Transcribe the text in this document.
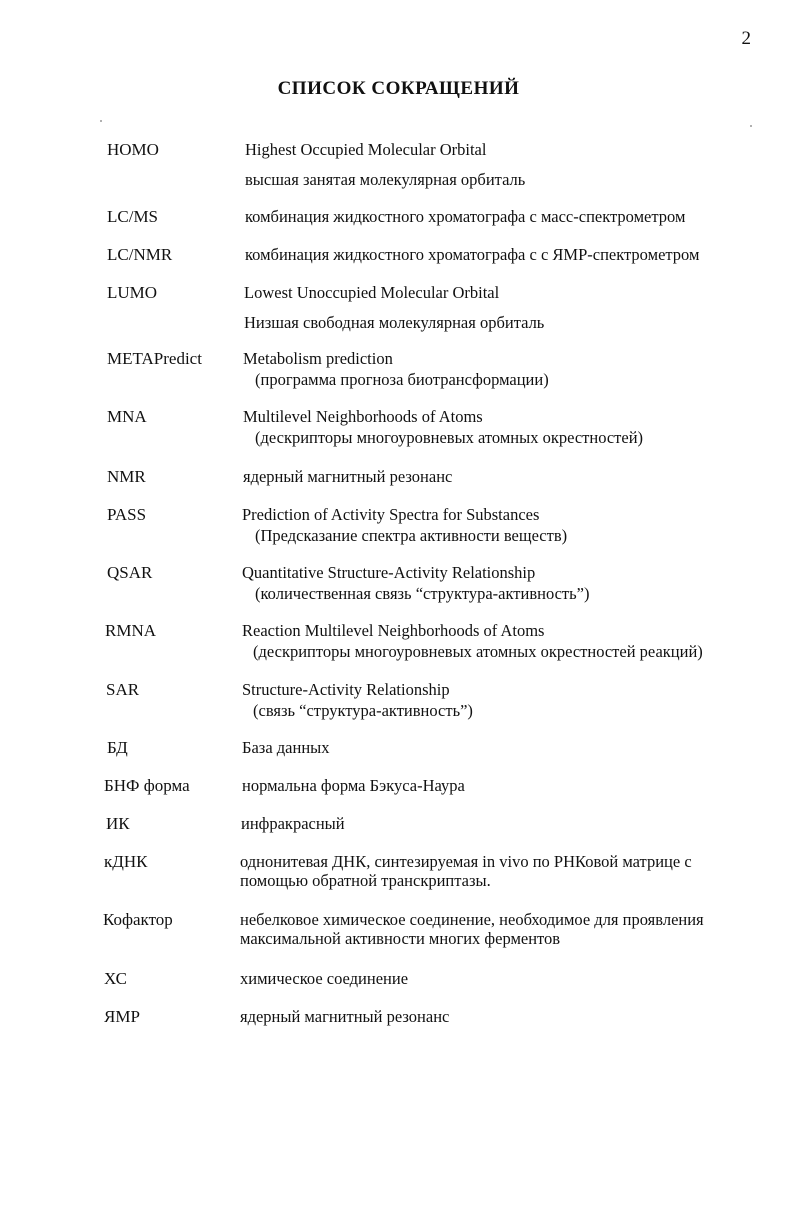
2
СПИСОК СОКРАЩЕНИЙ
HOMO	Highest Occupied Molecular Orbital
высшая занятая молекулярная орбиталь
LC/MS	комбинация жидкостного хроматографа с масс-спектрометром
LC/NMR	комбинация жидкостного хроматографа с с ЯМР-спектрометром
LUMO	Lowest Unoccupied Molecular Orbital
Низшая свободная молекулярная орбиталь
METAPredict Metabolism prediction
(программа прогноза биотрансформации)
MNA	Multilevel Neighborhoods of Atoms
(дескрипторы многоуровневых атомных окрестностей)
NMR	ядерный магнитный резонанс
PASS	Prediction of Activity Spectra for Substances
(Предсказание спектра активности веществ)
QSAR	Quantitative Structure-Activity Relationship
(количественная связь “структура-активность”)
RMNA	Reaction Multilevel Neighborhoods of Atoms
(дескрипторы многоуровневых атомных окрестностей реакций)
SAR	Structure-Activity Relationship
(связь “структура-активность”)
БД	База данных
БНФ форма	нормальна форма Бэкуса-Наура
ИК	инфракрасный
кДНК	однонитевая ДНК, синтезируемая in vivo по РНКовой матрице с
помощью обратной транскриптазы.
Кофактор	небелковое химическое соединение, необходимое для проявления
максимальной активности многих ферментов
ХС	химическое соединение
ЯМР	ядерный магнитный резонанс
